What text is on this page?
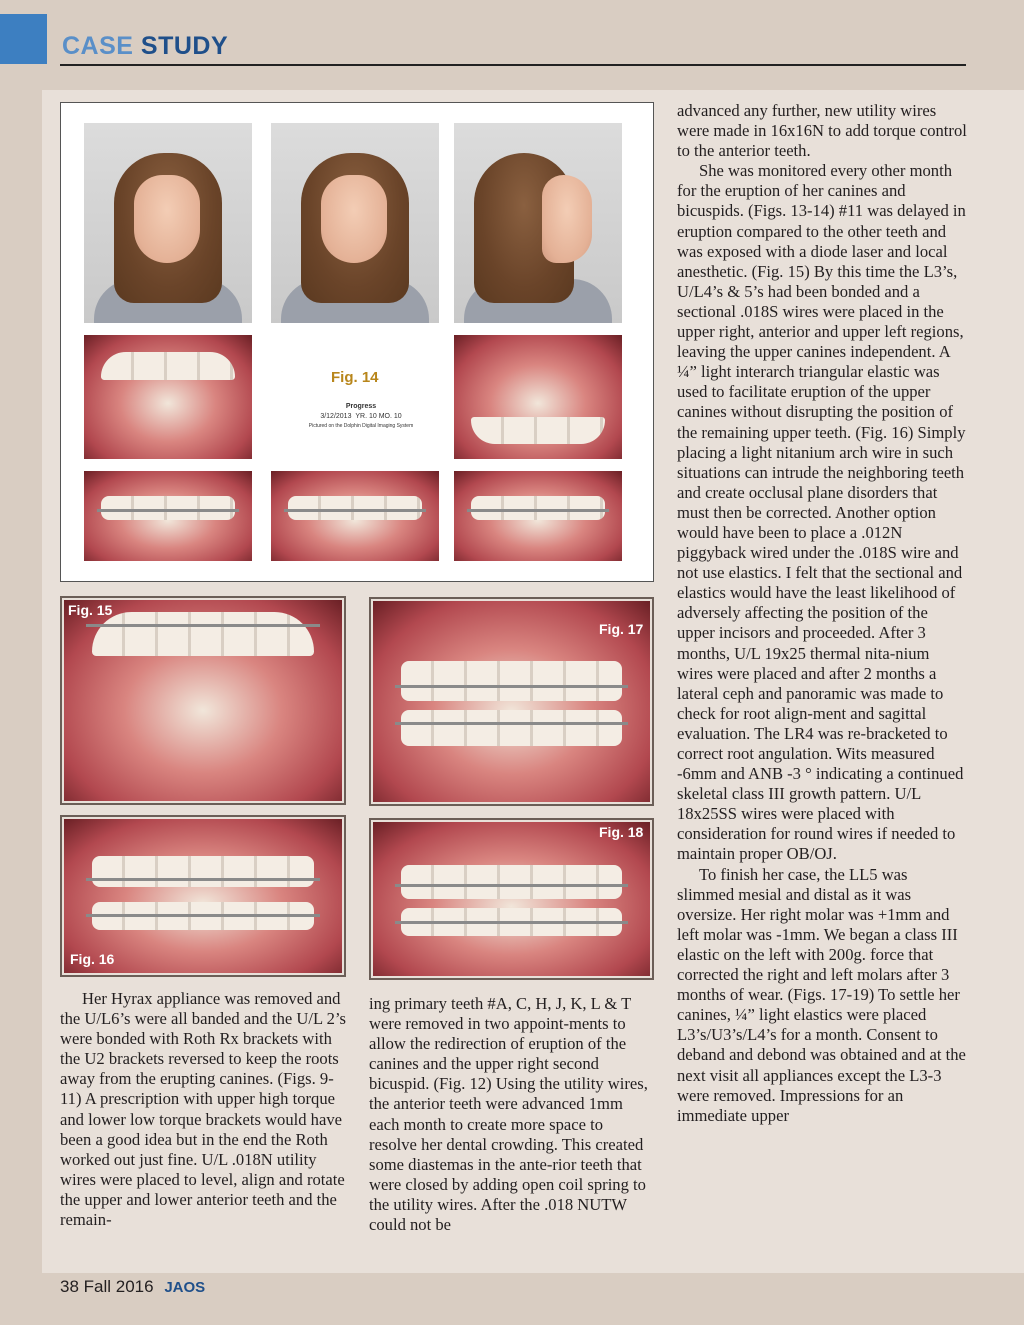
CASE STUDY
Fig. 14
Progress
3/12/2013 YR. 10 MO. 10
Pictured on the Dolphin Digital Imaging System
Fig. 15
Fig. 16
Fig. 17
Fig. 18

Her Hyrax appliance was removed and the U/L6’s were all banded and the U/L 2’s were bonded with Roth Rx brackets with the U2 brackets reversed to keep the roots away from the erupting canines. (Figs. 9-11) A prescription with upper high torque and lower low torque brackets would have been a good idea but in the end the Roth worked out just fine. U/L .018N utility wires were placed to level, align and rotate the upper and lower anterior teeth and the remain-

ing primary teeth #A, C, H, J, K, L & T were removed in two appoint-ments to allow the redirection of eruption of the canines and the upper right second bicuspid. (Fig. 12) Using the utility wires, the anterior teeth were advanced 1mm each month to create more space to resolve her dental crowding. This created some diastemas in the ante-rior teeth that were closed by adding open coil spring to the utility wires. After the .018 NUTW could not be

advanced any further, new utility wires were made in 16x16N to add torque control to the anterior teeth.

She was monitored every other month for the eruption of her canines and bicuspids. (Figs. 13-14) #11 was delayed in eruption compared to the other teeth and was exposed with a diode laser and local anesthetic. (Fig. 15) By this time the L3’s, U/L4’s & 5’s had been bonded and a sectional .018S wires were placed in the upper right, anterior and upper left regions, leaving the upper canines independent. A ¼” light interarch triangular elastic was used to facilitate eruption of the upper canines without disrupting the position of the remaining upper teeth. (Fig. 16) Simply placing a light nitanium arch wire in such situations can intrude the neighboring teeth and create occlusal plane disorders that must then be corrected. Another option would have been to place a .012N piggyback wired under the .018S wire and not use elastics. I felt that the sectional and elastics would have the least likelihood of adversely affecting the position of the upper incisors and proceeded. After 3 months, U/L 19x25 thermal nita-nium wires were placed and after 2 months a lateral ceph and panoramic was made to check for root align-ment and sagittal evaluation. The LR4 was re-bracketed to correct root angulation. Wits measured -6mm and ANB -3 ° indicating a continued skeletal class III growth pattern. U/L 18x25SS wires were placed with consideration for round wires if needed to maintain proper OB/OJ.

To finish her case, the LL5 was slimmed mesial and distal as it was oversize. Her right molar was +1mm and left molar was -1mm. We began a class III elastic on the left with 200g. force that corrected the right and left molars after 3 months of wear. (Figs. 17-19) To settle her canines, ¼” light elastics were placed L3’s/U3’s/L4’s for a month. Consent to deband and debond was obtained and at the next visit all appliances except the L3-3 were removed. Impressions for an immediate upper

38 Fall 2016 JAOS
